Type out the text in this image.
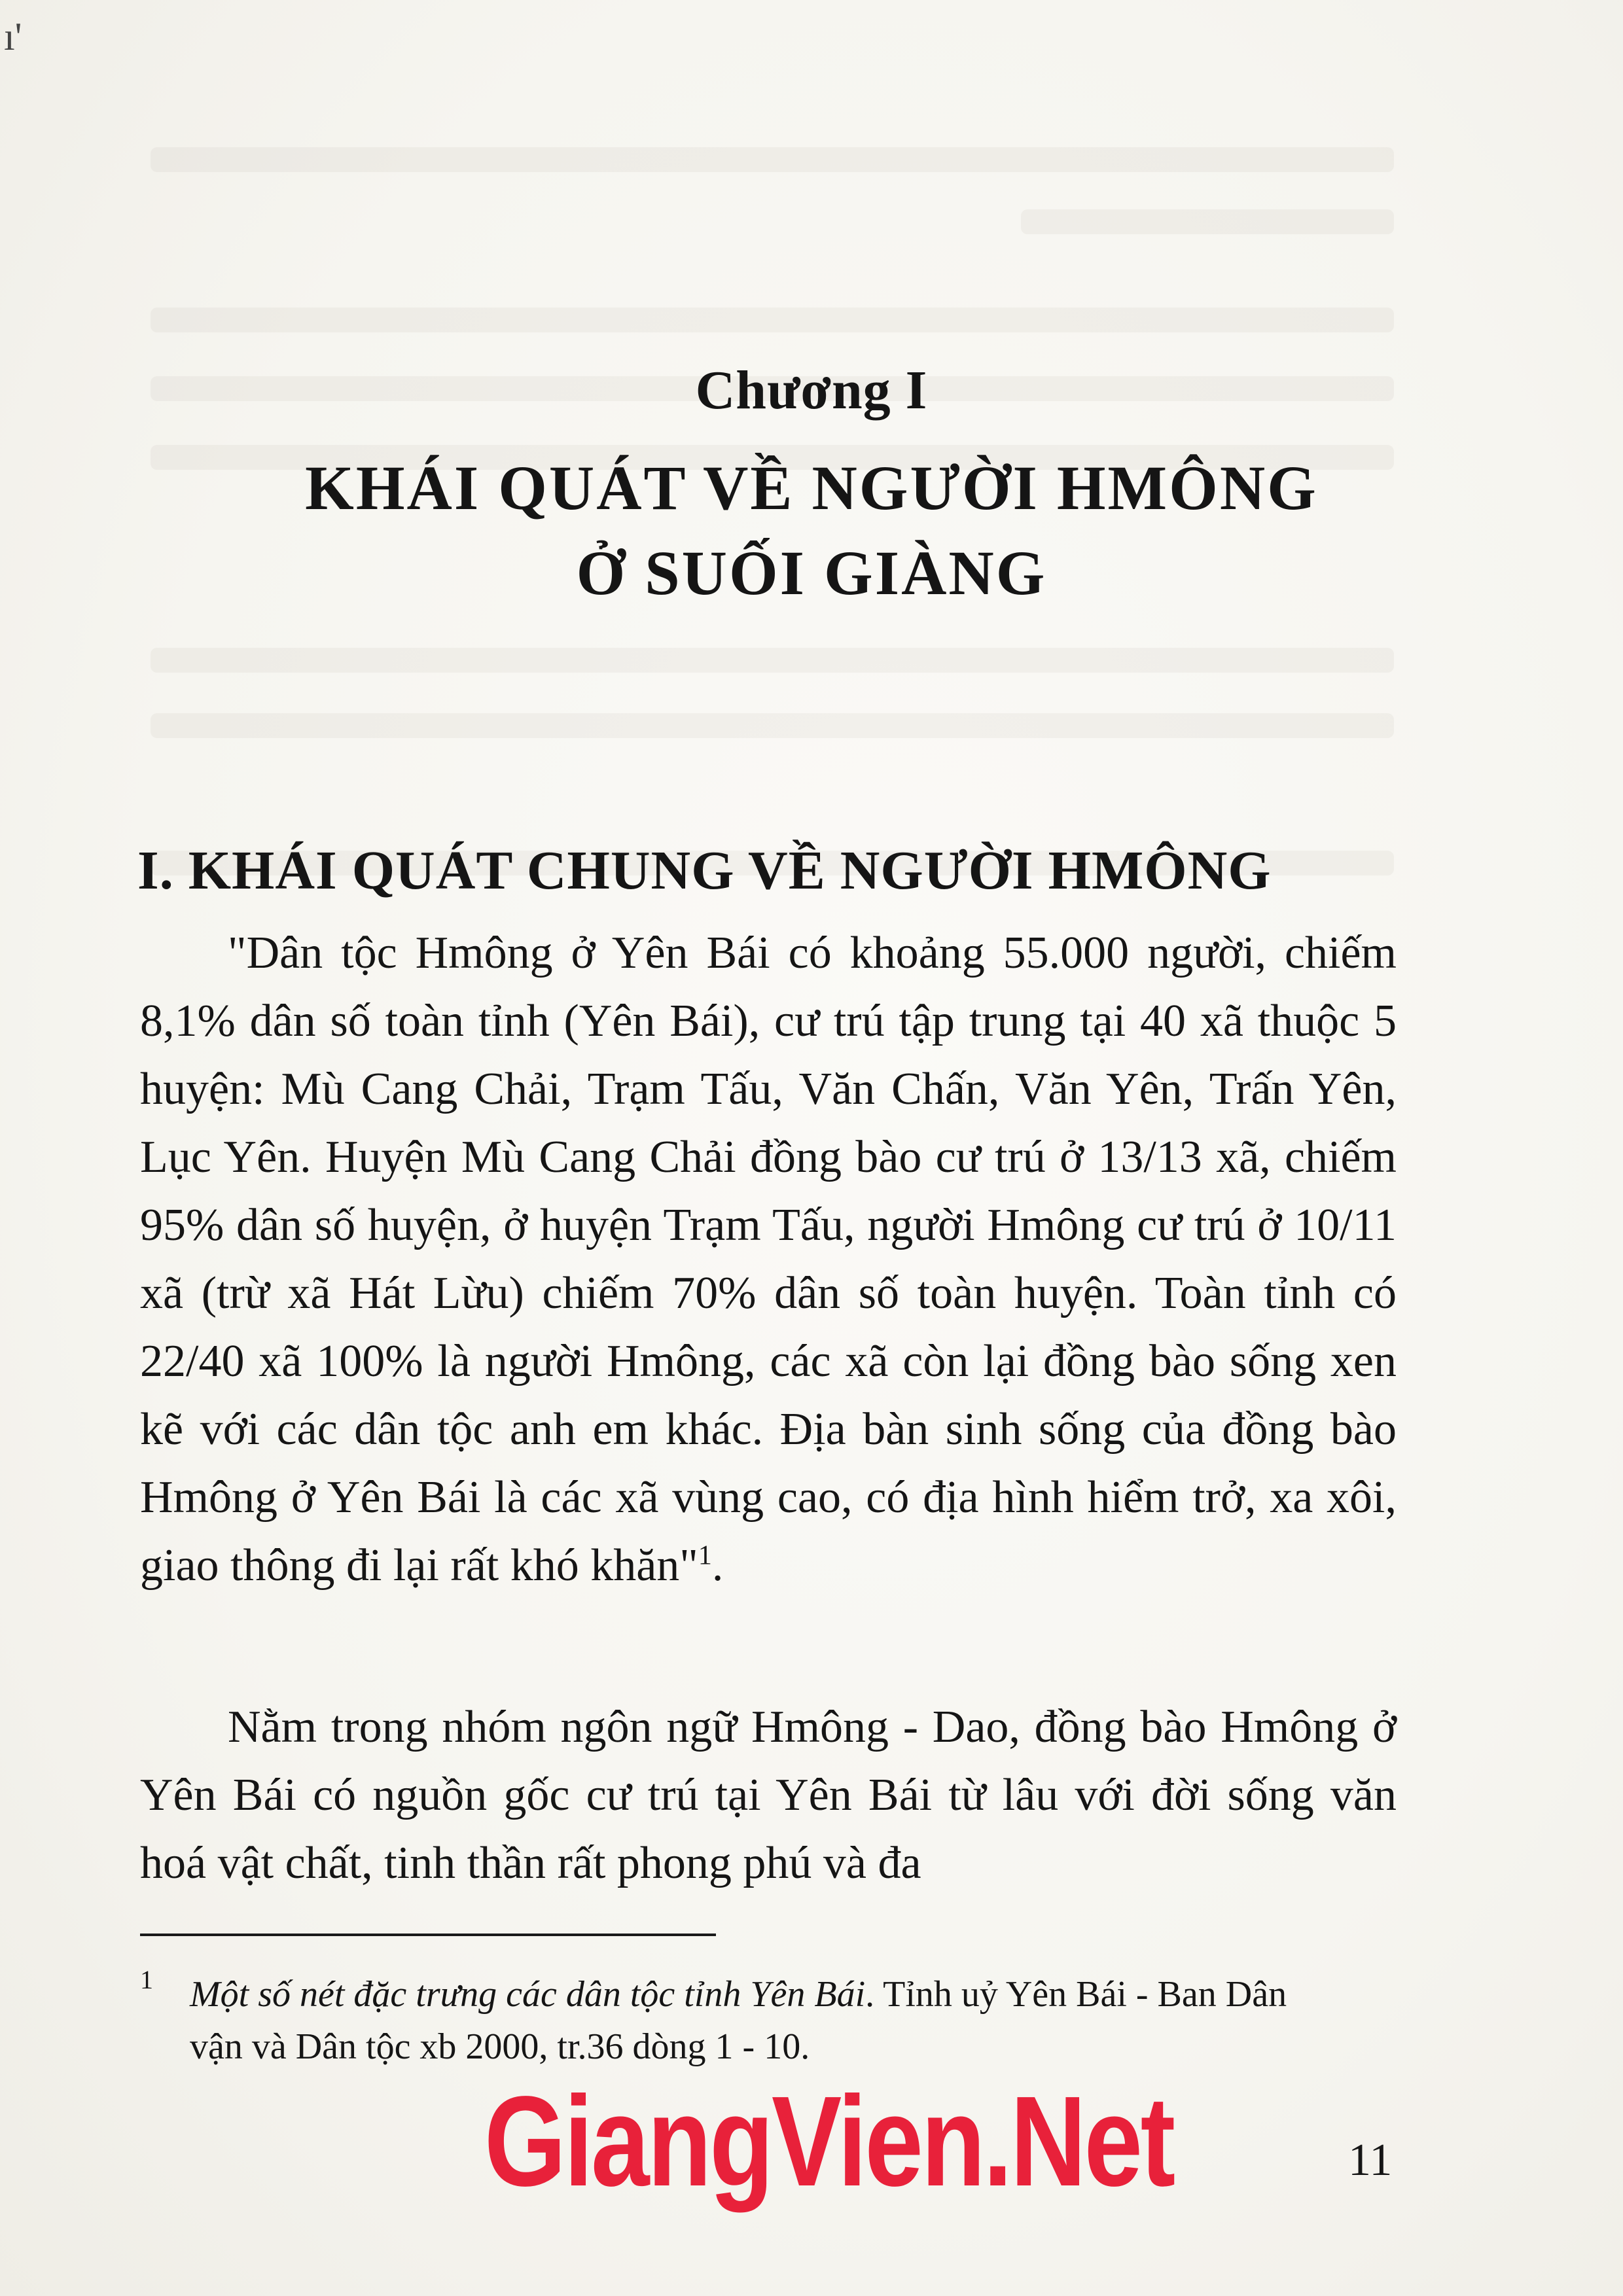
ı'
Chương I
KHÁI QUÁT VỀ NGƯỜI HMÔNG
Ở SUỐI GIÀNG
I. KHÁI QUÁT CHUNG VỀ NGƯỜI HMÔNG

"Dân tộc Hmông ở Yên Bái có khoảng 55.000 người, chiếm 8,1% dân số toàn tỉnh (Yên Bái), cư trú tập trung tại 40 xã thuộc 5 huyện: Mù Cang Chải, Trạm Tấu, Văn Chấn, Văn Yên, Trấn Yên, Lục Yên. Huyện Mù Cang Chải đồng bào cư trú ở 13/13 xã, chiếm 95% dân số huyện, ở huyện Trạm Tấu, người Hmông cư trú ở 10/11 xã (trừ xã Hát Lừu) chiếm 70% dân số toàn huyện. Toàn tỉnh có 22/40 xã 100% là người Hmông, các xã còn lại đồng bào sống xen kẽ với các dân tộc anh em khác. Địa bàn sinh sống của đồng bào Hmông ở Yên Bái là các xã vùng cao, có địa hình hiểm trở, xa xôi, giao thông đi lại rất khó khăn"$^1$.

Nằm trong nhóm ngôn ngữ Hmông - Dao, đồng bào Hmông ở Yên Bái có nguồn gốc cư trú tại Yên Bái từ lâu với đời sống văn hoá vật chất, tinh thần rất phong phú và đa

1 Một số nét đặc trưng các dân tộc tỉnh Yên Bái. Tỉnh uỷ Yên Bái - Ban Dân
vận và Dân tộc xb 2000, tr.36 dòng 1 - 10.

GiangVien.Net	11
